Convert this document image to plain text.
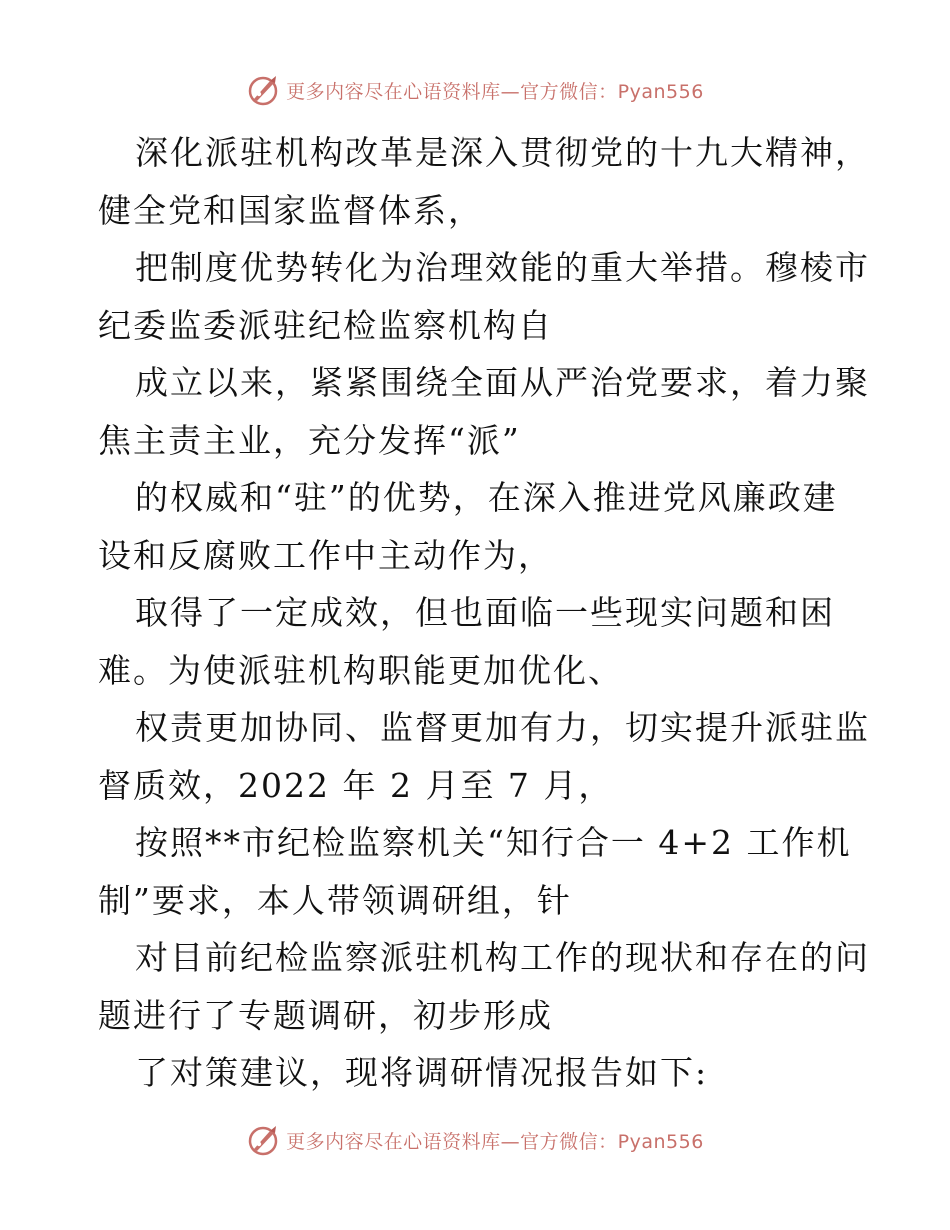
更多内容尽在心语资料库—官方微信：Pyan556
深化派驻机构改革是深入贯彻党的十九大精神，
健全党和国家监督体系，
把制度优势转化为治理效能的重大举措。穆棱市
纪委监委派驻纪检监察机构自
成立以来，紧紧围绕全面从严治党要求，着力聚
焦主责主业，充分发挥“派”
的权威和“驻”的优势，在深入推进党风廉政建
设和反腐败工作中主动作为，
取得了一定成效，但也面临一些现实问题和困
难。为使派驻机构职能更加优化、
权责更加协同、监督更加有力，切实提升派驻监
督质效，2022 年 2 月至 7 月，
按照**市纪检监察机关“知行合一 4+2 工作机
制”要求，本人带领调研组，针
对目前纪检监察派驻机构工作的现状和存在的问
题进行了专题调研，初步形成
了对策建议，现将调研情况报告如下:
更多内容尽在心语资料库—官方微信：Pyan556
